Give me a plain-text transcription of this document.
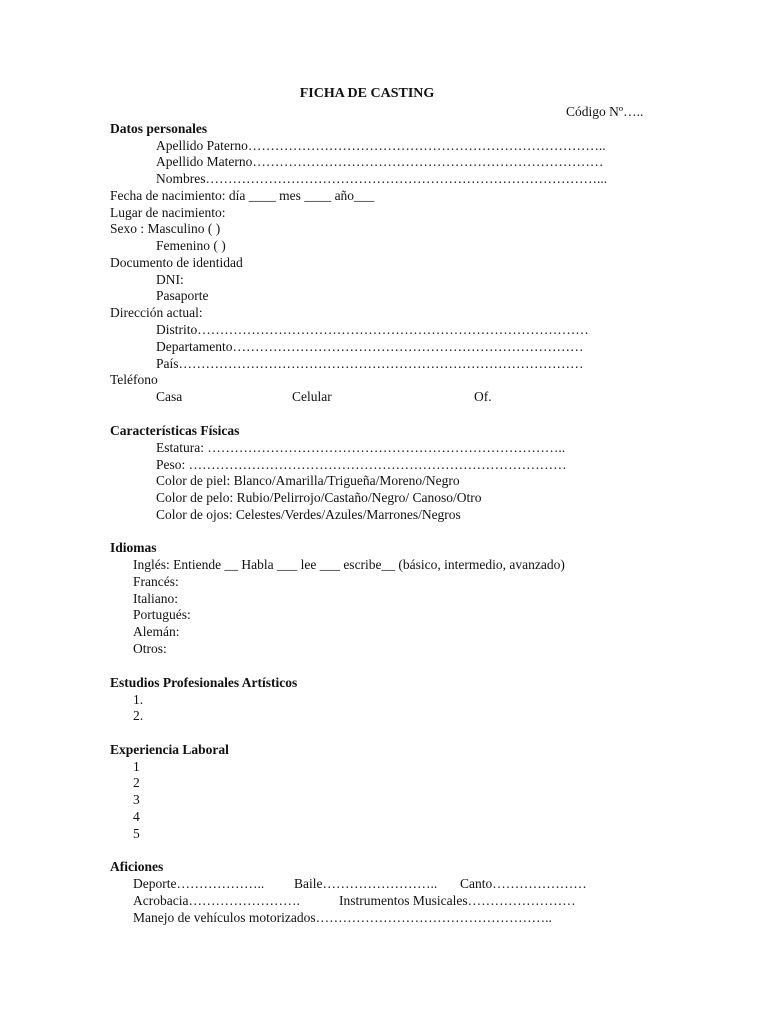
FICHA DE CASTING
Código Nº…..
Datos personales
Apellido Paterno……………………………………………………………………..
Apellido Materno……………………………………………………………………
Nombres……………………………………………………………………………...
Fecha de nacimiento: día ____ mes ____ año___
Lugar de nacimiento:
Sexo : Masculino ( )
Femenino ( )
Documento de identidad
DNI:
Pasaporte
Dirección actual:
Distrito……………………………………………………………………………
Departamento……………………………………………………………………
País………………………………………………………………………………
Teléfono
Casa	Celular	Of.
Características Físicas
Estatura: ……………………………………………………………………..
Peso: …………………………………………………………………………
Color de piel: Blanco/Amarilla/Trigueña/Moreno/Negro
Color de pelo: Rubio/Pelirrojo/Castaño/Negro/ Canoso/Otro
Color de ojos: Celestes/Verdes/Azules/Marrones/Negros
Idiomas
Inglés: Entiende __ Habla ___ lee ___ escribe__ (básico, intermedio, avanzado)
Francés:
Italiano:
Portugués:
Alemán:
Otros:
Estudios Profesionales Artísticos
1.
2.
Experiencia Laboral
1
2
3
4
5
Aficiones
Deporte……………….. Baile…………………….. Canto…………………
Acrobacia…………………….	Instrumentos Musicales……………………
Manejo de vehículos motorizados……………………………………………..
